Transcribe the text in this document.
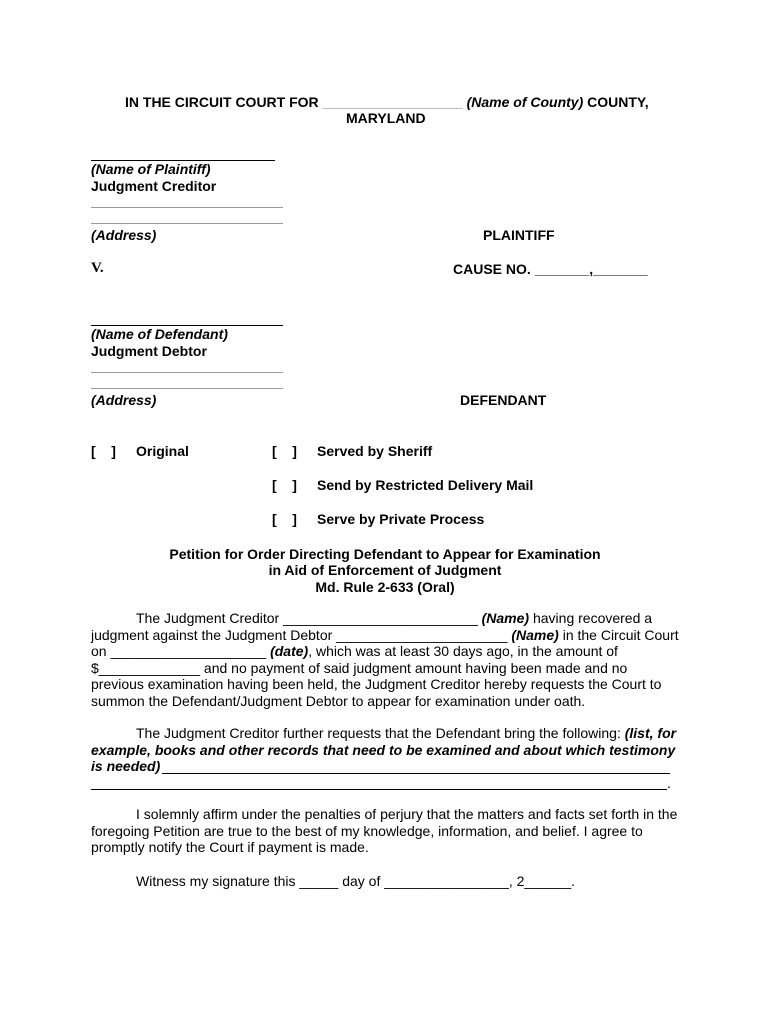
IN THE CIRCUIT COURT FOR __________________ (Name of County) COUNTY,
MARYLAND
(Name of Plaintiff)
Judgment Creditor
(Address)	PLAINTIFF
V.	CAUSE NO. _______,_______
(Name of Defendant)
Judgment Debtor
(Address)	DEFENDANT
[    ] Original	[    ] Served by Sheriff
[    ] Send by Restricted Delivery Mail
[    ] Serve by Private Process
Petition for Order Directing Defendant to Appear for Examination
in Aid of Enforcement of Judgment
Md. Rule 2-633 (Oral)
The Judgment Creditor _________________________ (Name) having recovered a judgment against the Judgment Debtor ______________________ (Name) in the Circuit Court on ____________________ (date), which was at least 30 days ago, in the amount of $_____________ and no payment of said judgment amount having been made and no previous examination having been held, the Judgment Creditor hereby requests the Court to summon the Defendant/Judgment Debtor to appear for examination under oath.
The Judgment Creditor further requests that the Defendant bring the following: (list, for example, books and other records that need to be examined and about which testimony is needed)
.
I solemnly affirm under the penalties of perjury that the matters and facts set forth in the foregoing Petition are true to the best of my knowledge, information, and belief. I agree to promptly notify the Court if payment is made.
Witness my signature this _____ day of ________________, 2______.
